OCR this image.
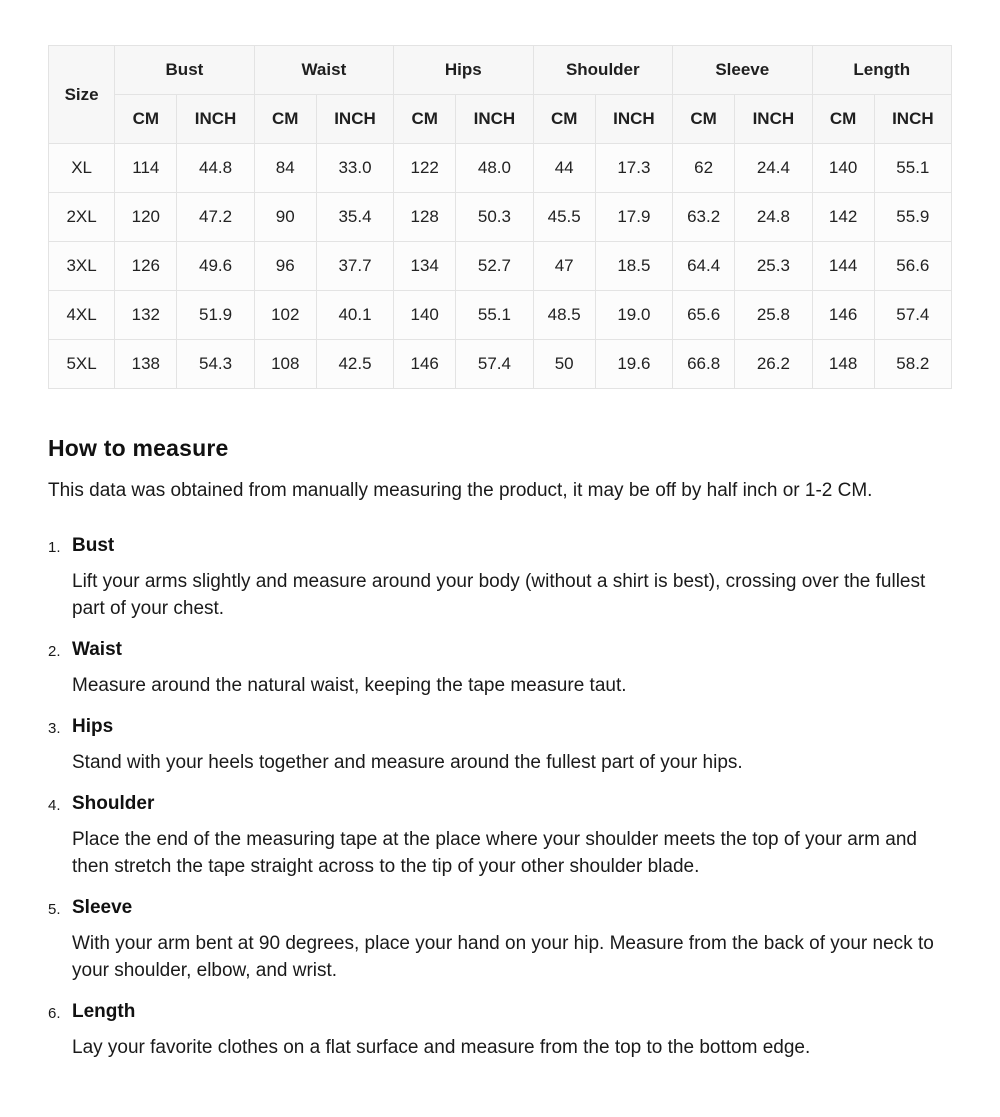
Size	Bust		Waist		Hips		Shoulder		Sleeve		Length	
	CM	INCH	CM	INCH	CM	INCH	CM	INCH	CM	INCH	CM	INCH
XL	114	44.8	84	33.0	122	48.0	44	17.3	62	24.4	140	55.1
2XL	120	47.2	90	35.4	128	50.3	45.5	17.9	63.2	24.8	142	55.9
3XL	126	49.6	96	37.7	134	52.7	47	18.5	64.4	25.3	144	56.6
4XL	132	51.9	102	40.1	140	55.1	48.5	19.0	65.6	25.8	146	57.4
5XL	138	54.3	108	42.5	146	57.4	50	19.6	66.8	26.2	148	58.2
How to measure

This data was obtained from manually measuring the product, it may be off by half inch or 1-2 CM.

1. Bust

Lift your arms slightly and measure around your body (without a shirt is best), crossing over the fullest part of your chest.

2. Waist

Measure around the natural waist, keeping the tape measure taut.

3. Hips

Stand with your heels together and measure around the fullest part of your hips.

4. Shoulder

Place the end of the measuring tape at the place where your shoulder meets the top of your arm and then stretch the tape straight across to the tip of your other shoulder blade.

5. Sleeve

With your arm bent at 90 degrees, place your hand on your hip. Measure from the back of your neck to your shoulder, elbow, and wrist.

6. Length

Lay your favorite clothes on a flat surface and measure from the top to the bottom edge.
